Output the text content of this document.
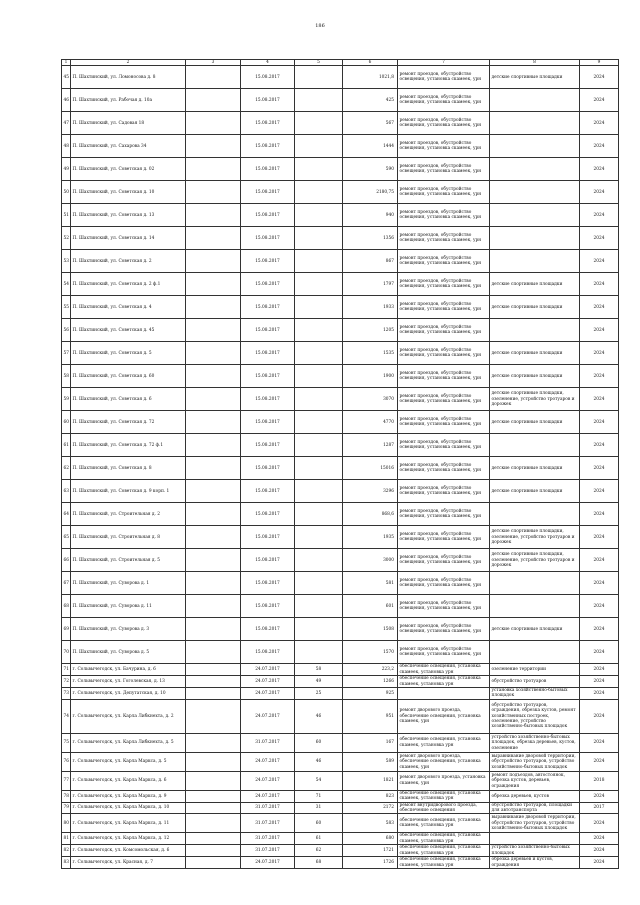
186
1	2	3	4	5	6	7	8	9
45	П. Шахтинский, ул. Ломоносова д. 8		15.08.2017		1021,8	ремонт проездов, обустройство освещения, установка скамеек, урн	детские спортивные площадки	2024
46	П. Шахтинский, ул. Рабочая д. 10а		15.08.2017		425	ремонт проездов, обустройство освещения, установка скамеек, урн		2024
47	П. Шахтинский, ул. Садовая 18		15.08.2017		567	ремонт проездов, обустройство освещения, установка скамеек, урн		2024
48	П. Шахтинский, ул. Сахарова 34		15.08.2017		1444	ремонт проездов, обустройство освещения, установка скамеек, урн		2024
49	П. Шахтинский, ул. Советская д. 02		15.08.2017		590	ремонт проездов, обустройство освещения, установка скамеек, урн		2024
50	П. Шахтинский, ул. Советская д. 10		15.08.2017		2180,75	ремонт проездов, обустройство освещения, установка скамеек, урн		2024
51	П. Шахтинский, ул. Советская д. 13		15.08.2017		940	ремонт проездов, обустройство освещения, установка скамеек, урн		2024
52	П. Шахтинский, ул. Советская д. 14		15.08.2017		1356	ремонт проездов, обустройство освещения, установка скамеек, урн		2024
53	П. Шахтинский, ул. Советская д. 2		15.08.2017		867	ремонт проездов, обустройство освещения, установка скамеек, урн		2024
54	П. Шахтинский, ул. Советская д. 2 ф.1		15.08.2017		1797	ремонт проездов, обустройство освещения, установка скамеек, урн	детские спортивные площадки	2024
55	П. Шахтинский, ул. Советская д. 4		15.08.2017		1933	ремонт проездов, обустройство освещения, установка скамеек, урн	детские спортивные площадки	2024
56	П. Шахтинский, ул. Советская д. 45		15.08.2017		1205	ремонт проездов, обустройство освещения, установка скамеек, урн		2024
57	П. Шахтинский, ул. Советская д. 5		15.08.2017		1535	ремонт проездов, обустройство освещения, установка скамеек, урн	детские спортивные площадки	2024
58	П. Шахтинский, ул. Советская д. 60		15.08.2017		1900	ремонт проездов, обустройство освещения, установка скамеек, урн	детские спортивные площадки	2024
59	П. Шахтинский, ул. Советская д. 6		15.08.2017		3070	ремонт проездов, обустройство освещения, установка скамеек, урн	детские спортивные площадки, озеленение, устройство тротуаров и дорожек	2024
60	П. Шахтинский, ул. Советская д. 72		15.08.2017		4770	ремонт проездов, обустройство освещения, установка скамеек, урн	детские спортивные площадки	2024
61	П. Шахтинский, ул. Советская д. 72 ф.1		15.08.2017		1287	ремонт проездов, обустройство освещения, установка скамеек, урн		2024
62	П. Шахтинский, ул. Советская д. 8		15.08.2017		15016	ремонт проездов, обустройство освещения, установка скамеек, урн	детские спортивные площадки	2024
63	П. Шахтинский, ул. Советская д. 9 корп. 1		15.08.2017		3296	ремонт проездов, обустройство освещения, установка скамеек, урн	детские спортивные площадки	2024
64	П. Шахтинский, ул. Строительная д. 2		15.08.2017		868,6	ремонт проездов, обустройство освещения, установка скамеек, урн		2024
65	П. Шахтинский, ул. Строительная д. 8		15.08.2017		1935	ремонт проездов, обустройство освещения, установка скамеек, урн	детские спортивные площадки, озеленение, устройство тротуаров и дорожек	2024
66	П. Шахтинский, ул. Строительная д. 5		15.08.2017		3000	ремонт проездов, обустройство освещения, установка скамеек, урн	детские спортивные площадки, озеленение, устройство тротуаров и дорожек	2024
67	П. Шахтинский, ул. Суворова д. 1		15.08.2017		581	ремонт проездов, обустройство освещения, установка скамеек, урн		2024
68	П. Шахтинский, ул. Суворова д. 11		15.08.2017		601	ремонт проездов, обустройство освещения, установка скамеек, урн		2024
69	П. Шахтинский, ул. Суворова д. 3		15.08.2017		1508	ремонт проездов, обустройство освещения, установка скамеек, урн	детские спортивные площадки	2024
70	П. Шахтинский, ул. Суворова д. 5		15.08.2017		1570	ремонт проездов, обустройство освещения, установка скамеек, урн		2024
71	г. Сольвычегодск, ул. Бачурина, д. 6		24.07.2017	58	223,2	обеспечение освещения, установка скамеек, установка урн	озеленение территории	2024
72	г. Сольвычегодск, ул. Гоголевская, д. 13		24.07.2017	49	1266	обеспечение освещения, установка скамеек, установка урн	обустройство тротуаров	2024
73	г. Сольвычегодск, ул. Депутатская, д. 10		24.07.2017	25	925		установка хозяйственно-бытовых площадок	2024
74	г. Сольвычегодск, ул. Карла Либкнехта, д. 2		24.07.2017	46	951	ремонт дворового проезда, обеспечение освещения, установка скамеек, урн	обустройство тротуаров, ограждения, обрезка кустов, ремонт хозяйственных построек, озеленение, устройство хозяйственно-бытовых площадок	2024
75	г. Сольвычегодск, ул. Карла Либкнехта, д. 5		31.07.2017	60	167	обеспечение освещения, установка скамеек, установка урн	устройство хозяйственно-бытовых площадок, обрезка деревьев, кустов, озеленение	2024
76	г. Сольвычегодск, ул. Карла Маркса, д. 5		24.07.2017	46	589	ремонт дворового проезда, обеспечение освещения, установка скамеек, урн	выравнивание дворовой территории, обустройство тротуаров, устройство хозяйственно-бытовых площадок	2024
77	г. Сольвычегодск, ул. Карла Маркса, д. 6		24.07.2017	54	1821	ремонт дворового проезда, установка скамеек, урн	ремонт подъездов, автостоянок, обрезка кустов, деревьев, ограждения	2018
78	г. Сольвычегодск, ул. Карла Маркса, д. 9		24.07.2017	71	823	обеспечение освещения, установка скамеек, установка урн	обрезка деревьев, кустов	2024
79	г. Сольвычегодск, ул. Карла Маркса, д. 10		31.07.2017	31	2172	ремонт внутридворового проезда, обеспечение освещения	обустройство тротуаров, площадки для автотранспорта	2017
80	г. Сольвычегодск, ул. Карла Маркса, д. 11		31.07.2017	60	583	обеспечение освещения, установка скамеек, установка урн	выравнивание дворовой территории, обустройство тротуаров, устройство хозяйственно-бытовых площадок	2024
81	г. Сольвычегодск, ул. Карла Маркса, д. 12		31.07.2017	61	680	обеспечение освещения, установка скамеек, установка урн		2024
82	г. Сольвычегодск, ул. Комсомольская, д. 6		31.07.2017	62	1721	обеспечение освещения, установка скамеек, установка урн	устройство хозяйственно-бытовых площадок	2024
83	г. Сольвычегодск, ул. Красная, д. 7		24.07.2017	68	1726	обеспечение освещения, установка скамеек, установка урн	обрезка деревьев и кустов, ограждения	2024
